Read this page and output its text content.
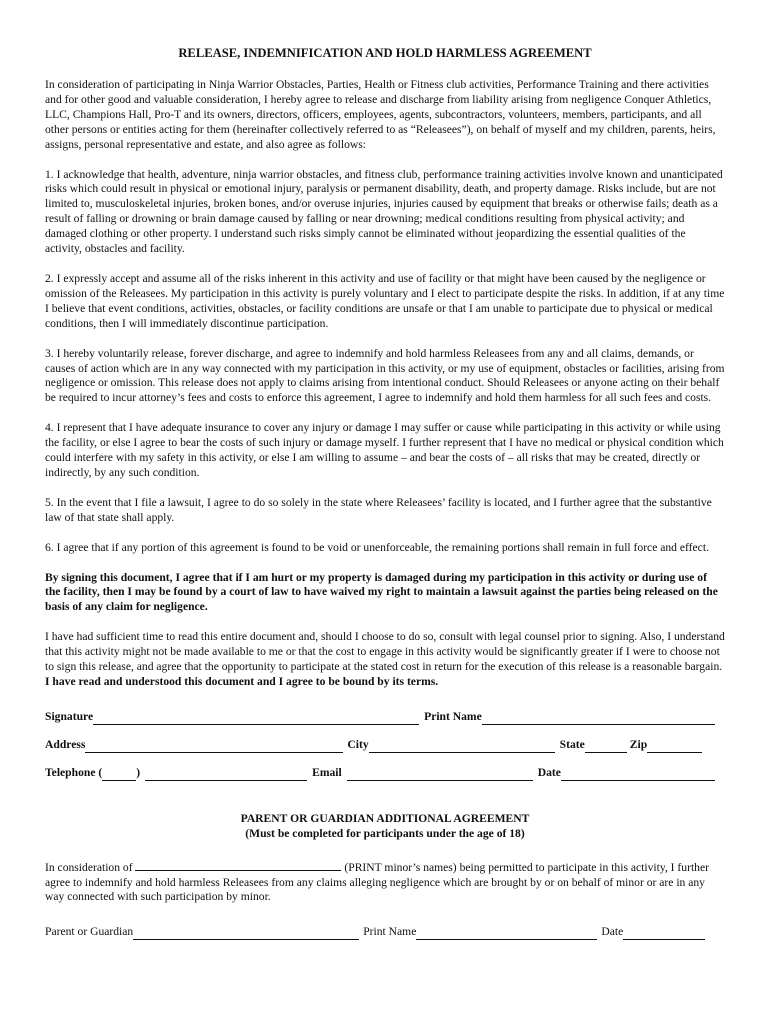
RELEASE, INDEMNIFICATION AND HOLD HARMLESS AGREEMENT

In consideration of participating in Ninja Warrior Obstacles, Parties, Health or Fitness club activities, Performance Training and there activities and for other good and valuable consideration, I hereby agree to release and discharge from liability arising from negligence Conquer Athletics, LLC, Champions Hall, Pro-T and its owners, directors, officers, employees, agents, subcontractors, volunteers, members, participants, and all other persons or entities acting for them (hereinafter collectively referred to as “Releasees”), on behalf of myself and my children, parents, heirs, assigns, personal representative and estate, and also agree as follows:

1. I acknowledge that health, adventure, ninja warrior obstacles, and fitness club, performance training activities involve known and unanticipated risks which could result in physical or emotional injury, paralysis or permanent disability, death, and property damage. Risks include, but are not limited to, musculoskeletal injuries, broken bones, and/or overuse injuries, injuries caused by equipment that breaks or otherwise fails; death as a result of falling or drowning or brain damage caused by falling or near drowning; medical conditions resulting from physical activity; and damaged clothing or other property. I understand such risks simply cannot be eliminated without jeopardizing the essential qualities of the activity, obstacles and facility.

2. I expressly accept and assume all of the risks inherent in this activity and use of facility or that might have been caused by the negligence or omission of the Releasees. My participation in this activity is purely voluntary and I elect to participate despite the risks. In addition, if at any time I believe that event conditions, activities, obstacles, or facility conditions are unsafe or that I am unable to participate due to physical or medical conditions, then I will immediately discontinue participation.

3. I hereby voluntarily release, forever discharge, and agree to indemnify and hold harmless Releasees from any and all claims, demands, or causes of action which are in any way connected with my participation in this activity, or my use of equipment, obstacles or facilities, arising from negligence or omission. This release does not apply to claims arising from intentional conduct. Should Releasees or anyone acting on their behalf be required to incur attorney’s fees and costs to enforce this agreement, I agree to indemnify and hold them harmless for all such fees and costs.

4. I represent that I have adequate insurance to cover any injury or damage I may suffer or cause while participating in this activity or while using the facility, or else I agree to bear the costs of such injury or damage myself. I further represent that I have no medical or physical condition which could interfere with my safety in this activity, or else I am willing to assume – and bear the costs of – all risks that may be created, directly or indirectly, by any such condition.

5. In the event that I file a lawsuit, I agree to do so solely in the state where Releasees’ facility is located, and I further agree that the substantive law of that state shall apply.

6. I agree that if any portion of this agreement is found to be void or unenforceable, the remaining portions shall remain in full force and effect.

By signing this document, I agree that if I am hurt or my property is damaged during my participation in this activity or during use of the facility, then I may be found by a court of law to have waived my right to maintain a lawsuit against the parties being released on the basis of any claim for negligence.

I have had sufficient time to read this entire document and, should I choose to do so, consult with legal counsel prior to signing. Also, I understand that this activity might not be made available to me or that the cost to engage in this activity would be significantly greater if I were to choose not to sign this release, and agree that the opportunity to participate at the stated cost in return for the execution of this release is a reasonable bargain. I have read and understood this document and I agree to be bound by its terms.

Signature	Print Name
Address	City	State	Zip
Telephone (	)	Email	Date

PARENT OR GUARDIAN ADDITIONAL AGREEMENT

(Must be completed for participants under the age of 18)

In consideration of	(PRINT minor’s names) being permitted to participate in this activity, I further agree to indemnify and hold harmless Releasees from any claims alleging negligence which are brought by or on behalf of minor or are in any way connected with such participation by minor.

Parent or Guardian	Print Name	Date
